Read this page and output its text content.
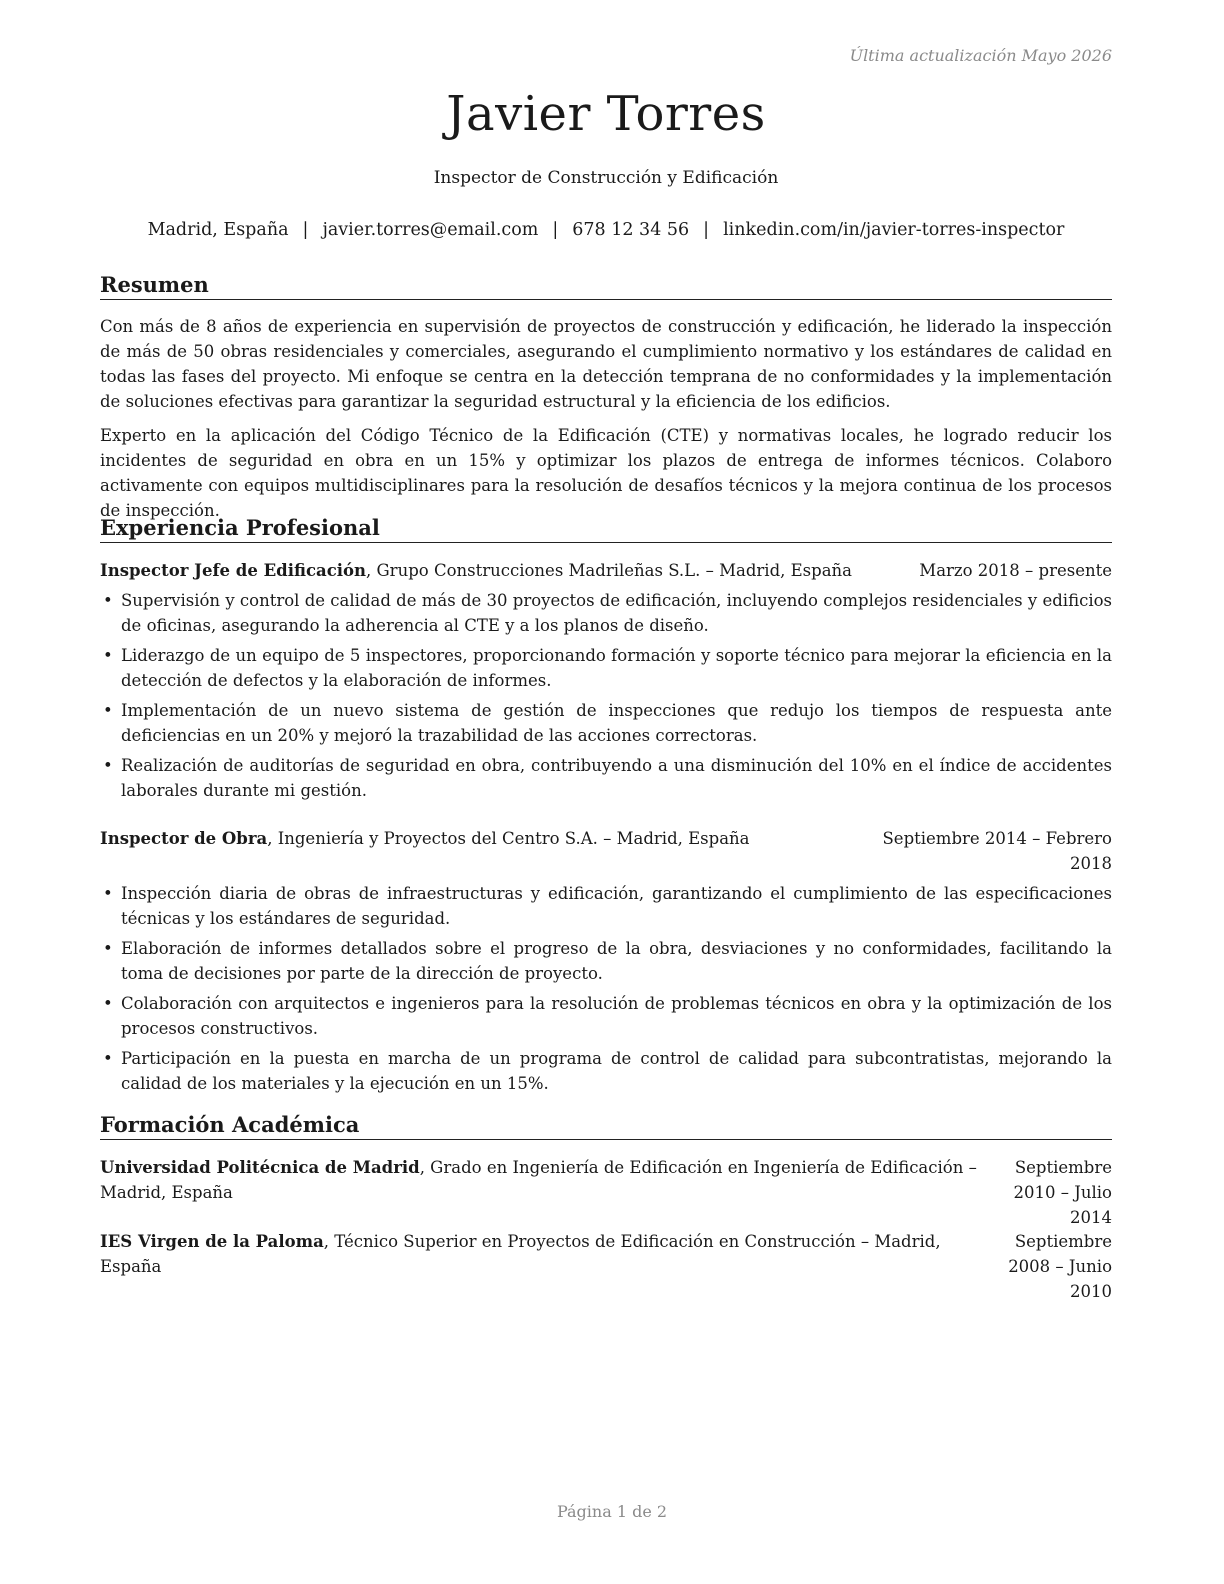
Última actualización Mayo 2026
Javier Torres
Inspector de Construcción y Edificación
Madrid, España | javier.torres@email.com | 678 12 34 56 | linkedin.com/in/javier-torres-inspector
Resumen

Con más de 8 años de experiencia en supervisión de proyectos de construcción y edificación, he liderado la inspección de más de 50 obras residenciales y comerciales, asegurando el cumplimiento normativo y los estándares de calidad en todas las fases del proyecto. Mi enfoque se centra en la detección temprana de no conformidades y la implementación de soluciones efectivas para garantizar la seguridad estructural y la eficiencia de los edificios.

Experto en la aplicación del Código Técnico de la Edificación (CTE) y normativas locales, he logrado reducir los incidentes de seguridad en obra en un 15% y optimizar los plazos de entrega de informes técnicos. Colaboro activamente con equipos multidisciplinares para la resolución de desafíos técnicos y la mejora continua de los procesos de inspección.

Experiencia Profesional
Inspector Jefe de Edificación, Grupo Construcciones Madrileñas S.L. – Madrid, España	Marzo 2018 – presente
• Supervisión y control de calidad de más de 30 proyectos de edificación, incluyendo complejos residenciales y edificios de oficinas, asegurando la adherencia al CTE y a los planos de diseño.
• Liderazgo de un equipo de 5 inspectores, proporcionando formación y soporte técnico para mejorar la eficiencia en la detección de defectos y la elaboración de informes.
• Implementación de un nuevo sistema de gestión de inspecciones que redujo los tiempos de respuesta ante deficiencias en un 20% y mejoró la trazabilidad de las acciones correctoras.
• Realización de auditorías de seguridad en obra, contribuyendo a una disminución del 10% en el índice de accidentes laborales durante mi gestión.
Inspector de Obra, Ingeniería y Proyectos del Centro S.A. – Madrid, España	Septiembre 2014 – Febrero
2018
• Inspección diaria de obras de infraestructuras y edificación, garantizando el cumplimiento de las especificaciones técnicas y los estándares de seguridad.
• Elaboración de informes detallados sobre el progreso de la obra, desviaciones y no conformidades, facilitando la toma de decisiones por parte de la dirección de proyecto.
• Colaboración con arquitectos e ingenieros para la resolución de problemas técnicos en obra y la optimización de los procesos constructivos.
• Participación en la puesta en marcha de un programa de control de calidad para subcontratistas, mejorando la calidad de los materiales y la ejecución en un 15%.
Formación Académica
Universidad Politécnica de Madrid, Grado en Ingeniería de Edificación en Ingeniería de Edificación – Madrid, España
Septiembre 2010 – Julio
2014
IES Virgen de la Paloma, Técnico Superior en Proyectos de Edificación en Construcción – Madrid, España
Septiembre 2008 – Junio
2010
Página 1 de 2
